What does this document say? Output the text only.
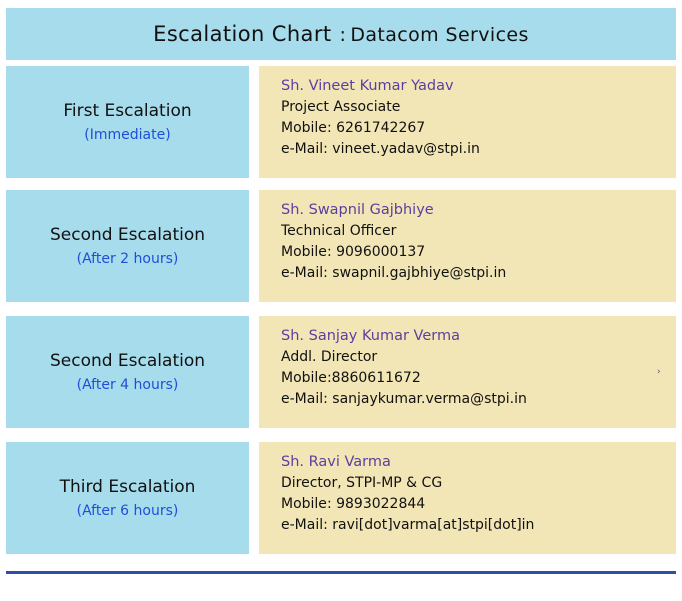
Escalation Chart : Datacom Services
First Escalation
(Immediate)
Sh. Vineet Kumar Yadav
Project Associate
Mobile: 6261742267
e-Mail: vineet.yadav@stpi.in
Second Escalation
(After 2 hours)
Sh. Swapnil Gajbhiye
Technical Officer
Mobile: 9096000137
e-Mail: swapnil.gajbhiye@stpi.in
Second Escalation
(After 4 hours)
Sh. Sanjay Kumar Verma
Addl. Director
Mobile:8860611672
e-Mail: sanjaykumar.verma@stpi.in
Third Escalation
(After 6 hours)
Sh. Ravi Varma
Director, STPI-MP & CG
Mobile: 9893022844
e-Mail: ravi[dot]varma[at]stpi[dot]in
›
